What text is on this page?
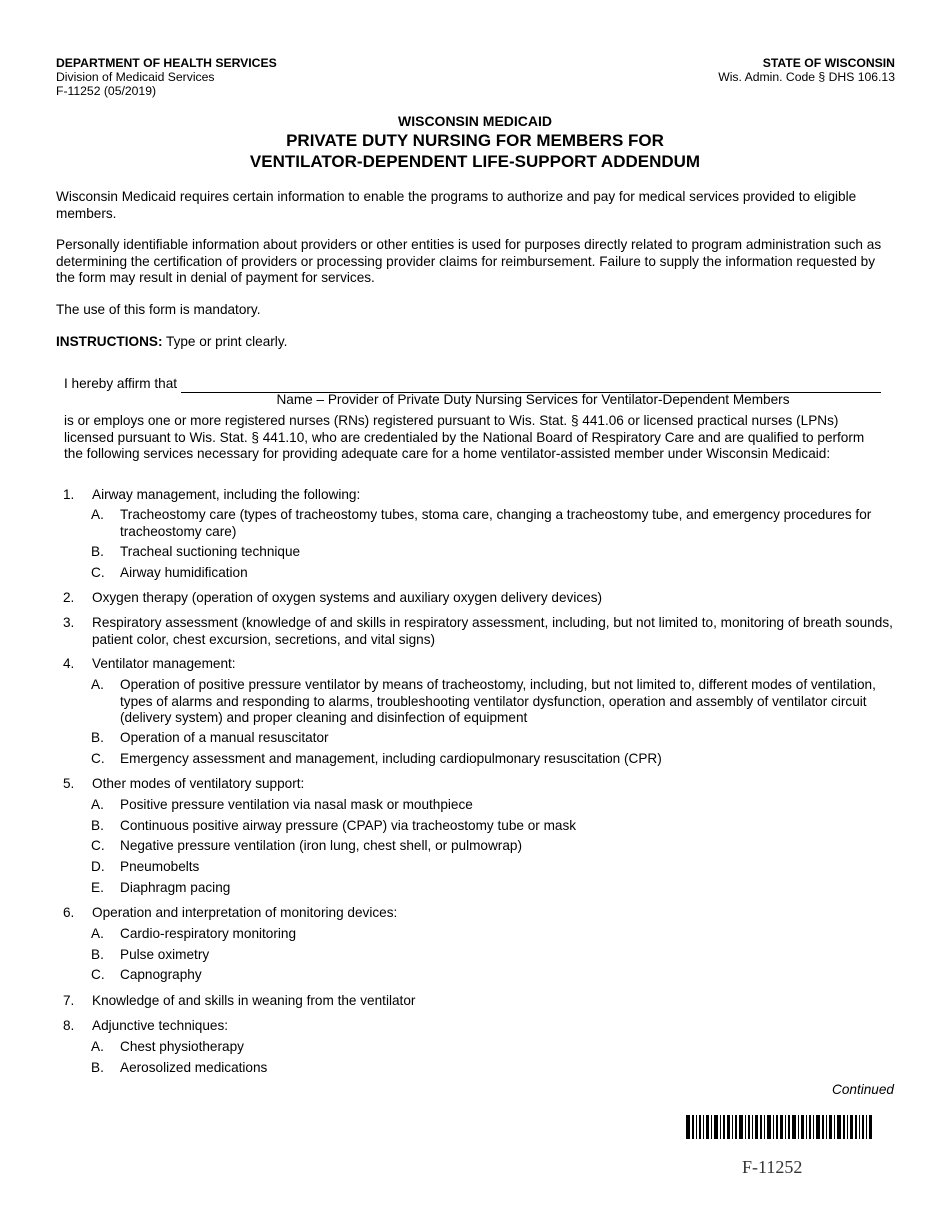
DEPARTMENT OF HEALTH SERVICES
Division of Medicaid Services
F-11252 (05/2019)
STATE OF WISCONSIN
Wis. Admin. Code § DHS 106.13
WISCONSIN MEDICAID
PRIVATE DUTY NURSING FOR MEMBERS FOR
VENTILATOR-DEPENDENT LIFE-SUPPORT ADDENDUM
Wisconsin Medicaid requires certain information to enable the programs to authorize and pay for medical services provided to eligible members.
Personally identifiable information about providers or other entities is used for purposes directly related to program administration such as determining the certification of providers or processing provider claims for reimbursement. Failure to supply the information requested by the form may result in denial of payment for services.
The use of this form is mandatory.
INSTRUCTIONS: Type or print clearly.
I hereby affirm that
Name – Provider of Private Duty Nursing Services for Ventilator-Dependent Members
is or employs one or more registered nurses (RNs) registered pursuant to Wis. Stat. § 441.06 or licensed practical nurses (LPNs) licensed pursuant to Wis. Stat. § 441.10, who are credentialed by the National Board of Respiratory Care and are qualified to perform the following services necessary for providing adequate care for a home ventilator-assisted member under Wisconsin Medicaid:
1. Airway management, including the following:
A. Tracheostomy care (types of tracheostomy tubes, stoma care, changing a tracheostomy tube, and emergency procedures for tracheostomy care)
B. Tracheal suctioning technique
C. Airway humidification
2. Oxygen therapy (operation of oxygen systems and auxiliary oxygen delivery devices)
3. Respiratory assessment (knowledge of and skills in respiratory assessment, including, but not limited to, monitoring of breath sounds, patient color, chest excursion, secretions, and vital signs)
4. Ventilator management:
A. Operation of positive pressure ventilator by means of tracheostomy, including, but not limited to, different modes of ventilation, types of alarms and responding to alarms, troubleshooting ventilator dysfunction, operation and assembly of ventilator circuit (delivery system) and proper cleaning and disinfection of equipment
B. Operation of a manual resuscitator
C. Emergency assessment and management, including cardiopulmonary resuscitation (CPR)
5. Other modes of ventilatory support:
A. Positive pressure ventilation via nasal mask or mouthpiece
B. Continuous positive airway pressure (CPAP) via tracheostomy tube or mask
C. Negative pressure ventilation (iron lung, chest shell, or pulmowrap)
D. Pneumobelts
E. Diaphragm pacing
6. Operation and interpretation of monitoring devices:
A. Cardio-respiratory monitoring
B. Pulse oximetry
C. Capnography
7. Knowledge of and skills in weaning from the ventilator
8. Adjunctive techniques:
A. Chest physiotherapy
B. Aerosolized medications
Continued
F-11252
